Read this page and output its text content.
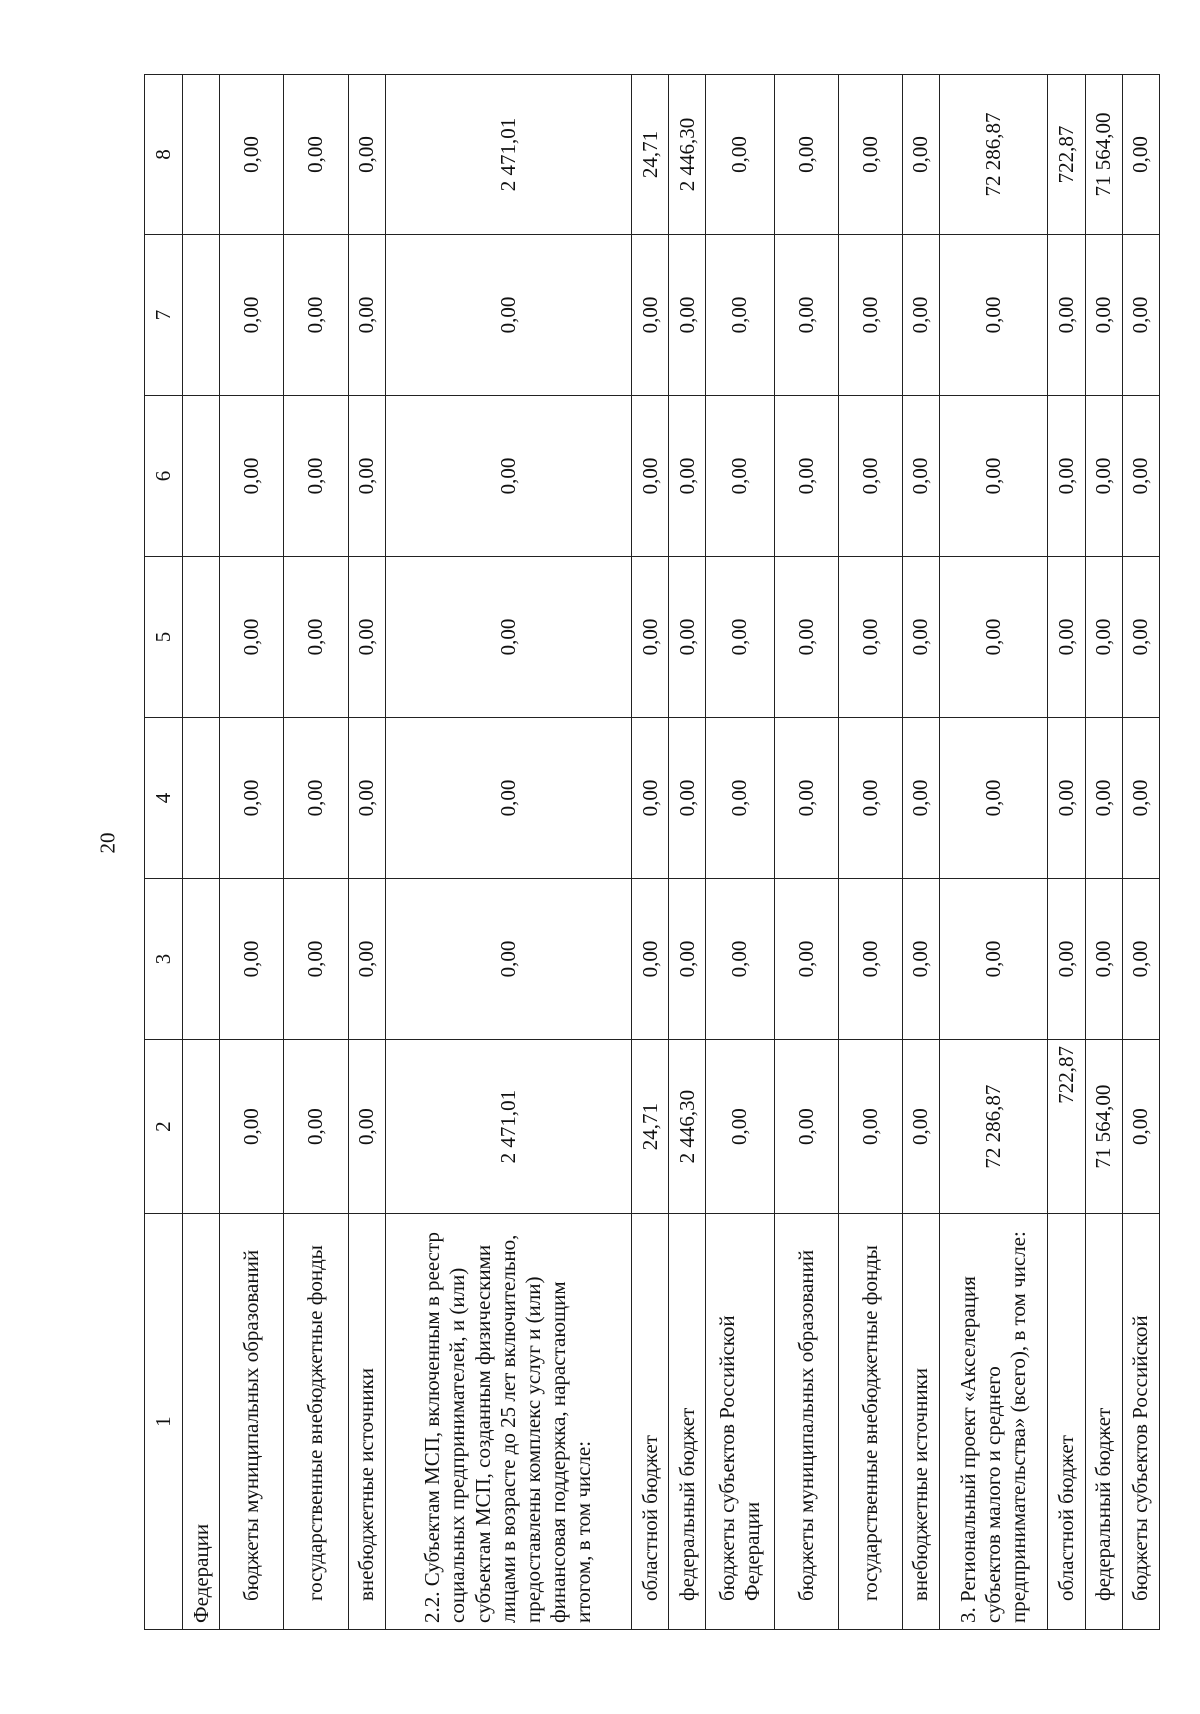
20
1	2	3	4	5	6	7	8
Федерации							
бюджеты муниципальных образований	0,00	0,00	0,00	0,00	0,00	0,00	0,00
государственные внебюджетные фонды	0,00	0,00	0,00	0,00	0,00	0,00	0,00
внебюджетные источники	0,00	0,00	0,00	0,00	0,00	0,00	0,00
2.2. Субъектам МСП, включенным в реестр социальных предпринимателей, и (или) субъектам МСП, созданным физическими лицами в возрасте до 25 лет включительно, предоставлены комплекс услуг и (или) финансовая поддержка, нарастающим итогом, в том числе:	2 471,01	0,00	0,00	0,00	0,00	0,00	2 471,01
областной бюджет	24,71	0,00	0,00	0,00	0,00	0,00	24,71
федеральный бюджет	2 446,30	0,00	0,00	0,00	0,00	0,00	2 446,30
бюджеты субъектов Российской Федерации	0,00	0,00	0,00	0,00	0,00	0,00	0,00
бюджеты муниципальных образований	0,00	0,00	0,00	0,00	0,00	0,00	0,00
государственные внебюджетные фонды	0,00	0,00	0,00	0,00	0,00	0,00	0,00
внебюджетные источники	0,00	0,00	0,00	0,00	0,00	0,00	0,00
3. Региональный проект «Акселерация субъектов малого и среднего предпринимательства» (всего), в том числе:	72 286,87	0,00	0,00	0,00	0,00	0,00	72 286,87
областной бюджет	722,87	0,00	0,00	0,00	0,00	0,00	722,87
федеральный бюджет	71 564,00	0,00	0,00	0,00	0,00	0,00	71 564,00
бюджеты субъектов Российской	0,00	0,00	0,00	0,00	0,00	0,00	0,00
